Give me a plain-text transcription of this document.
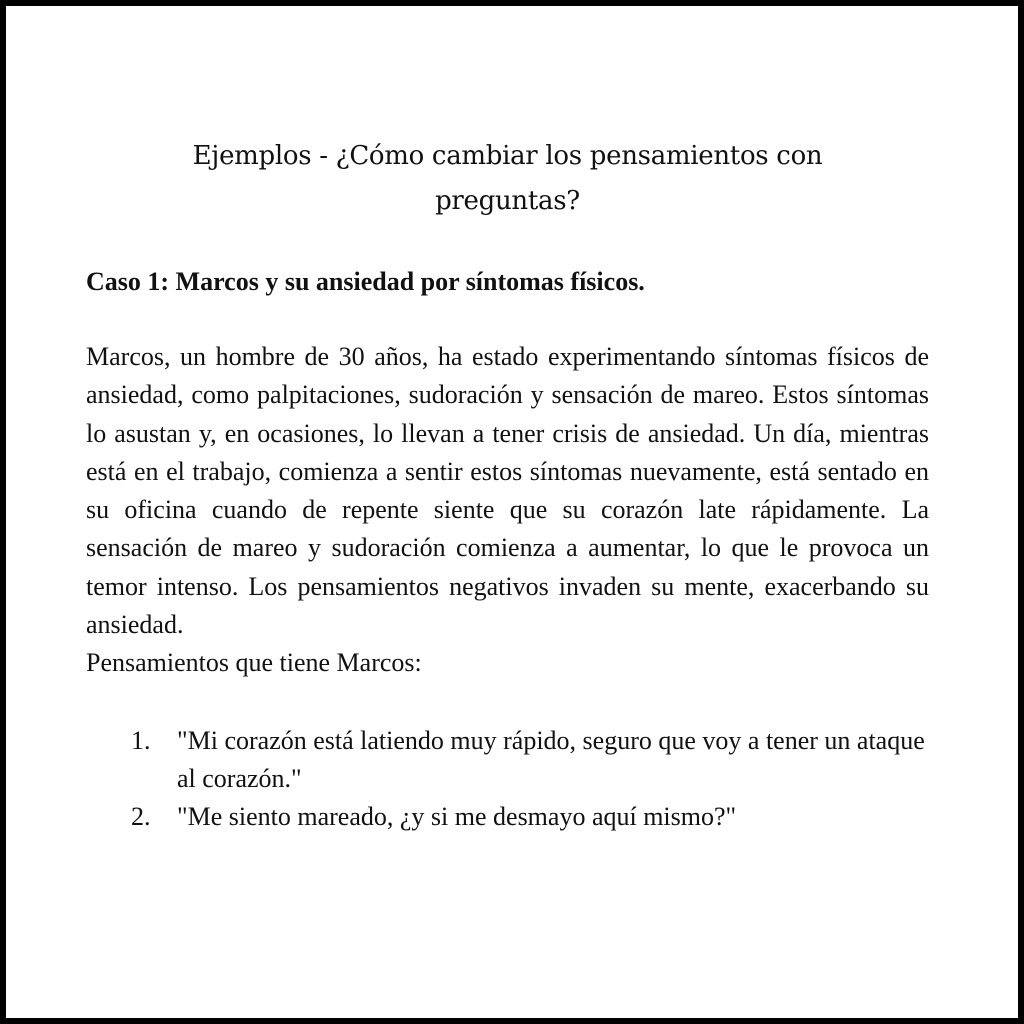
Ejemplos - ¿Cómo cambiar los pensamientos con preguntas?

Caso 1: Marcos y su ansiedad por síntomas físicos.

Marcos, un hombre de 30 años, ha estado experimentando síntomas físicos de ansiedad, como palpitaciones, sudoración y sensación de mareo. Estos síntomas lo asustan y, en ocasiones, lo llevan a tener crisis de ansiedad. Un día, mientras está en el trabajo, comienza a sentir estos síntomas nuevamente, está sentado en su oficina cuando de repente siente que su corazón late rápidamente. La sensación de mareo y sudoración comienza a aumentar, lo que le provoca un temor intenso. Los pensamientos negativos invaden su mente, exacerbando su ansiedad.

Pensamientos que tiene Marcos:

1. "Mi corazón está latiendo muy rápido, seguro que voy a tener un ataque al corazón."
2. "Me siento mareado, ¿y si me desmayo aquí mismo?"
